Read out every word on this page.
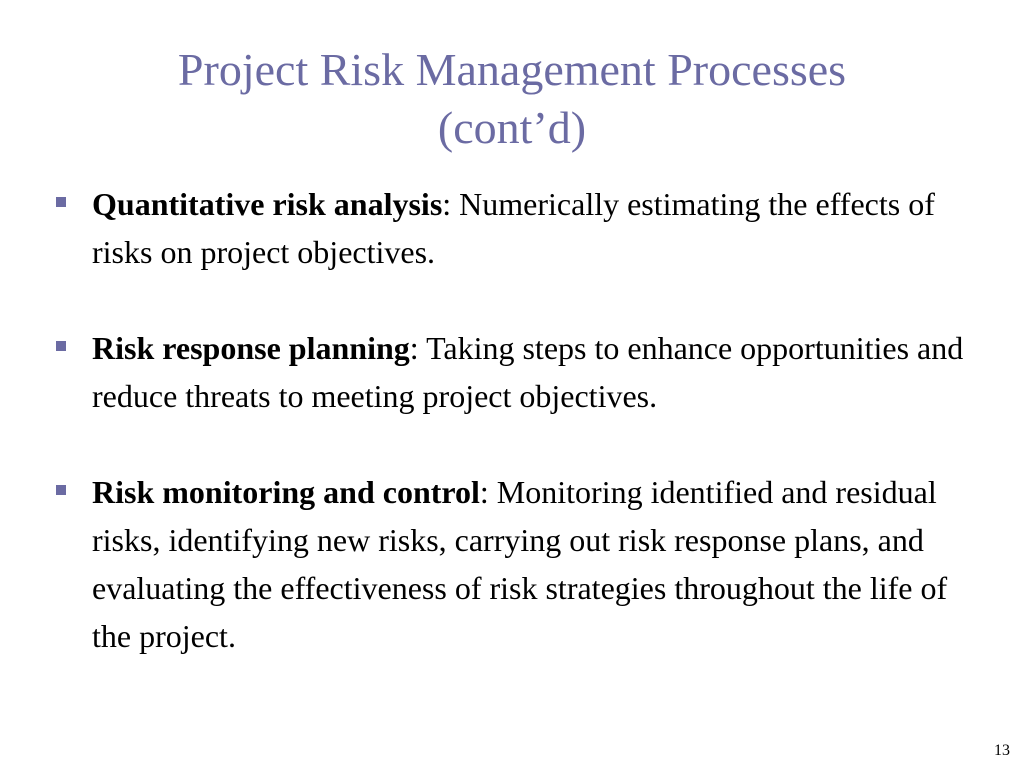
Project Risk Management Processes
(cont’d)
Quantitative risk analysis: Numerically estimating the effects of risks on project objectives.
Risk response planning: Taking steps to enhance opportunities and reduce threats to meeting project objectives.
Risk monitoring and control: Monitoring identified and residual risks, identifying new risks, carrying out risk response plans, and evaluating the effectiveness of risk strategies throughout the life of the project.
13
